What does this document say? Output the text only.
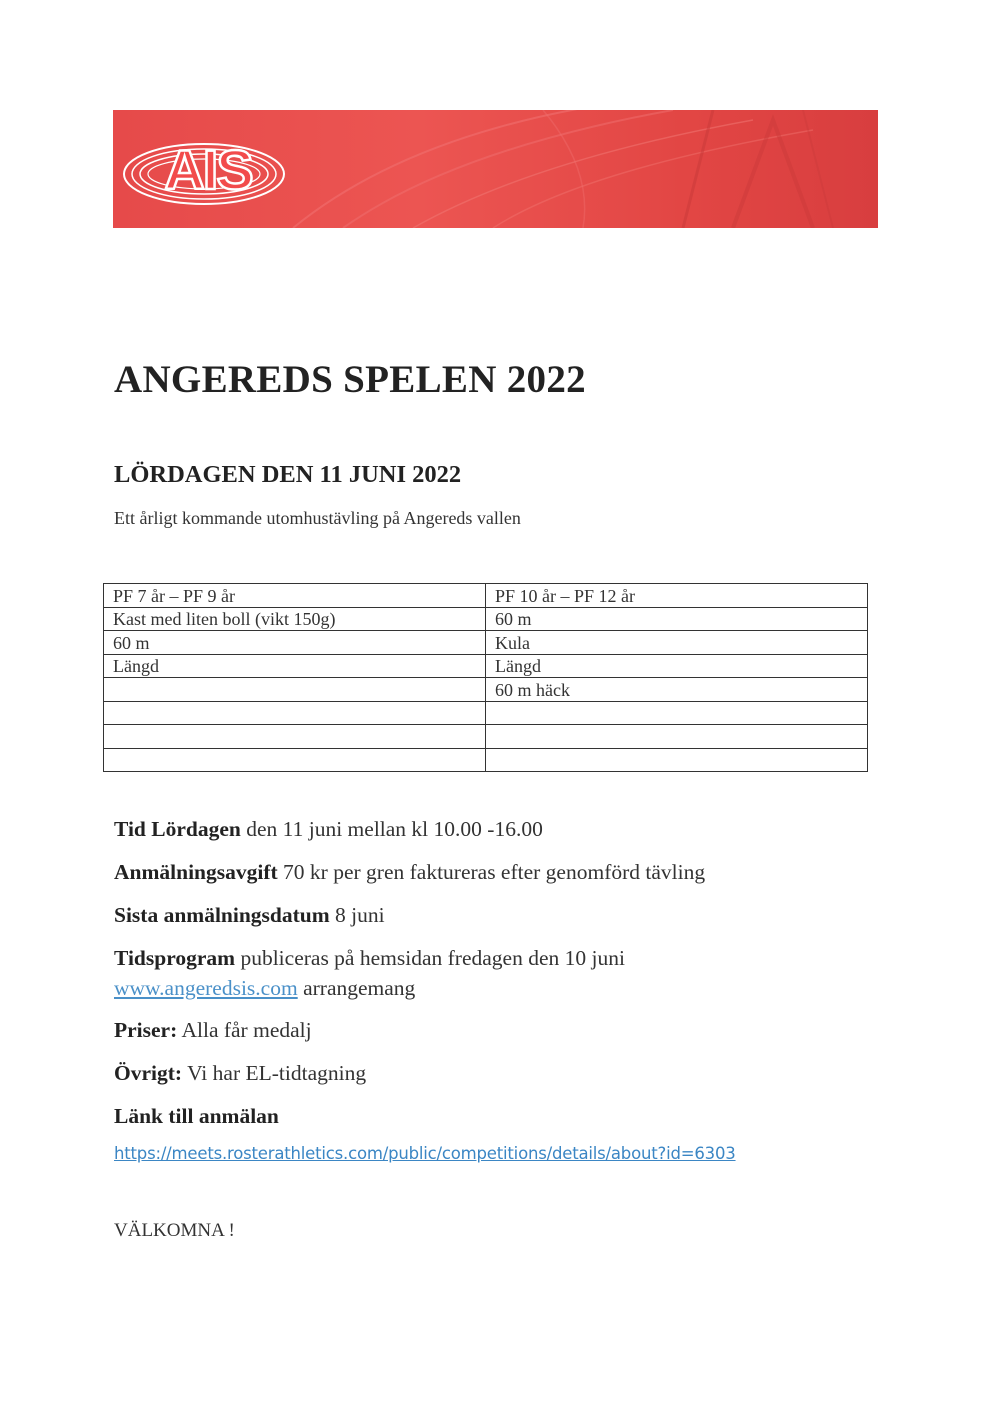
AIS
ANGEREDS SPELEN 2022
LÖRDAGEN DEN 11 JUNI 2022
Ett årligt kommande utomhustävling på Angereds vallen
PF 7 år – PF 9 år	PF 10 år – PF 12 år
Kast med liten boll (vikt 150g)	60 m
60 m	Kula
Längd	Längd
	60 m häck

Tid Lördagen den 11 juni mellan kl 10.00 -16.00
Anmälningsavgift 70 kr per gren faktureras efter genomförd tävling
Sista anmälningsdatum 8 juni
Tidsprogram publiceras på hemsidan fredagen den 10 juni
www.angeredsis.com arrangemang
Priser: Alla får medalj
Övrigt: Vi har EL-tidtagning
Länk till anmälan
https://meets.rosterathletics.com/public/competitions/details/about?id=6303
VÄLKOMNA !
